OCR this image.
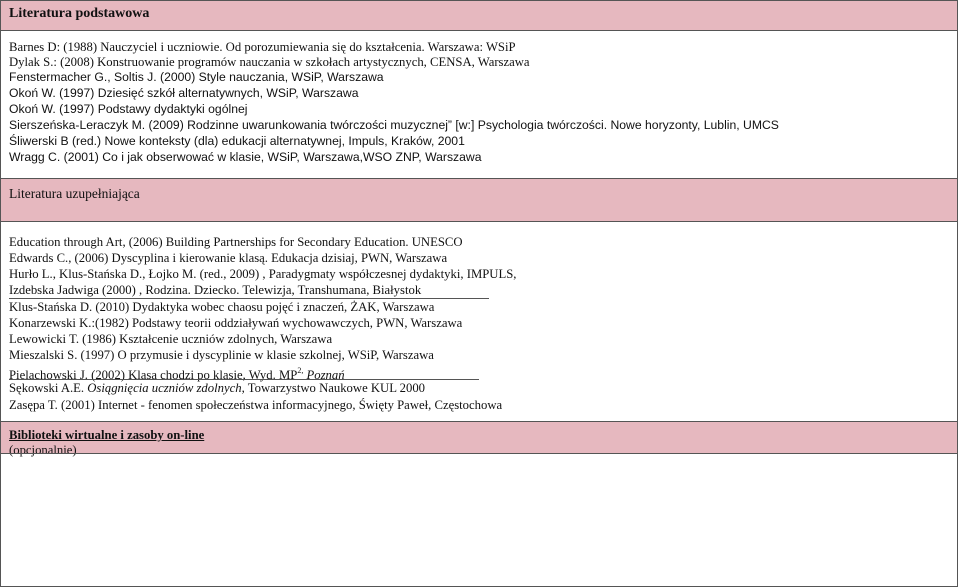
Literatura podstawowa
Barnes D: (1988) Nauczyciel i uczniowie. Od porozumiewania się do kształcenia. Warszawa: WSiP
Dylak S.: (2008) Konstruowanie programów nauczania w szkołach artystycznych, CENSA, Warszawa
Fenstermacher G., Soltis J. (2000) Style nauczania, WSiP, Warszawa
Okoń W. (1997) Dziesięć szkół alternatywnych, WSiP, Warszawa
Okoń W. (1997) Podstawy dydaktyki ogólnej
Sierszeńska-Leraczyk M. (2009) Rodzinne uwarunkowania twórczości muzycznej” [w:] Psychologia twórczości. Nowe horyzonty, Lublin, UMCS
Śliwerski B (red.) Nowe konteksty (dla) edukacji alternatywnej, Impuls, Kraków, 2001
Wragg C. (2001) Co i jak obserwować w klasie, WSiP, Warszawa,WSO ZNP, Warszawa
Literatura uzupełniająca
Education through Art, (2006) Building Partnerships for Secondary Education. UNESCO
Edwards C., (2006) Dyscyplina i kierowanie klasą. Edukacja dzisiaj, PWN, Warszawa
Hurło L., Klus-Stańska D., Łojko M. (red., 2009) , Paradygmaty współczesnej dydaktyki, IMPULS,
Izdebska Jadwiga (2000) , Rodzina. Dziecko. Telewizja, Transhumana, Białystok
Klus-Stańska D. (2010) Dydaktyka wobec chaosu pojęć i znaczeń, ŻAK, Warszawa
Konarzewski K.:(1982) Podstawy teorii oddziaływań wychowawczych, PWN, Warszawa
Lewowicki T. (1986) Kształcenie uczniów zdolnych, Warszawa
Mieszalski S. (1997) O przymusie i dyscyplinie w klasie szkolnej, WSiP, Warszawa
Pielachowski J. (2002) Klasa chodzi po klasie, Wyd. $MP^{2,}$ Poznań
Sękowski A.E. Osiągnięcia uczniów zdolnych, Towarzystwo Naukowe KUL 2000
Zasępa T. (2001) Internet - fenomen społeczeństwa informacyjnego, Święty Paweł, Częstochowa
Biblioteki wirtualne i zasoby on-line
(opcjonalnie)
